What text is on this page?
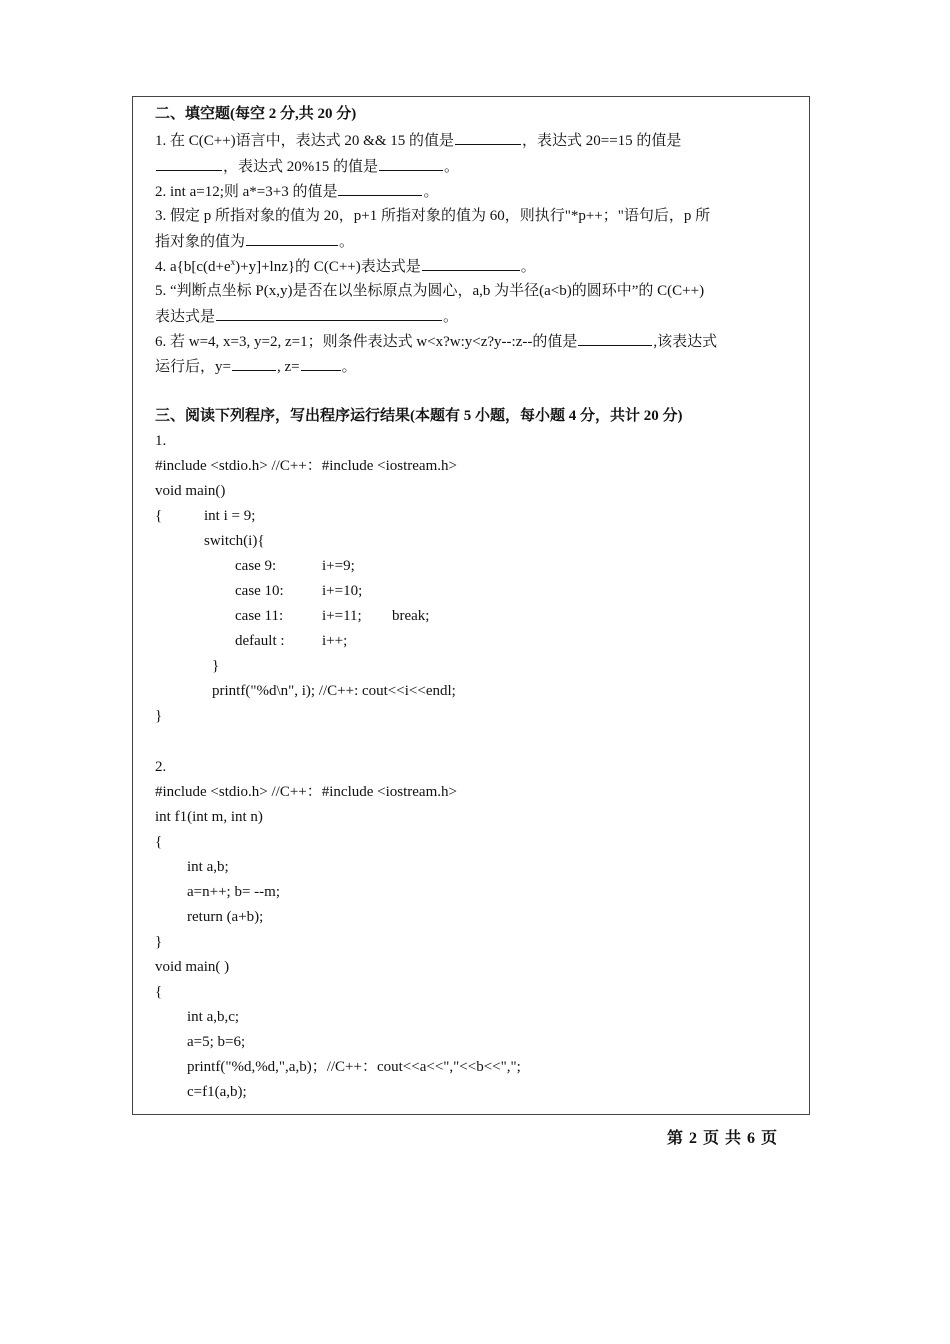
二、填空题(每空 2 分,共 20 分)
1. 在 C(C++)语言中，表达式 20 && 15 的值是	，表达式 20==15 的值是
，表达式 20%15 的值是	。
2. int a=12;则 a*=3+3 的值是	。
3. 假定 p 所指对象的值为 20，p+1 所指对象的值为 60，则执行"*p++；"语句后，p 所
指对象的值为	。
4. $a\{b[c(d+e^x)+y]+\ln z\}$的 C(C++)表达式是	。
5. “判断点坐标 P(x,y)是否在以坐标原点为圆心，a,b 为半径(a<b)的圆环中”的 C(C++)
表达式是	。
6. 若 w=4, x=3, y=2, z=1；则条件表达式 w<x?w:y<z?y--:z--的值是	,该表达式
运行后，y=	, z=	。
三、阅读下列程序，写出程序运行结果(本题有 5 小题，每小题 4 分，共计 20 分)
1.
#include <stdio.h> //C++：#include <iostream.h>
void main()
{	int i = 9;
switch(i){
case 9:	i+=9;
case 10:	i+=10;
case 11:	i+=11; break;
default : i++;
}
printf("%d\n", i); //C++: cout<<i<<endl;
}
2.
#include <stdio.h> //C++：#include <iostream.h>
int f1(int m, int n)
{
int a,b;
a=n++; b= --m;
return (a+b);
}
void main( )
{
int a,b,c;
a=5; b=6;
printf("%d,%d,",a,b)；//C++：cout<<a<<","<<b<<",";
c=f1(a,b);
第 2 页 共 6 页
